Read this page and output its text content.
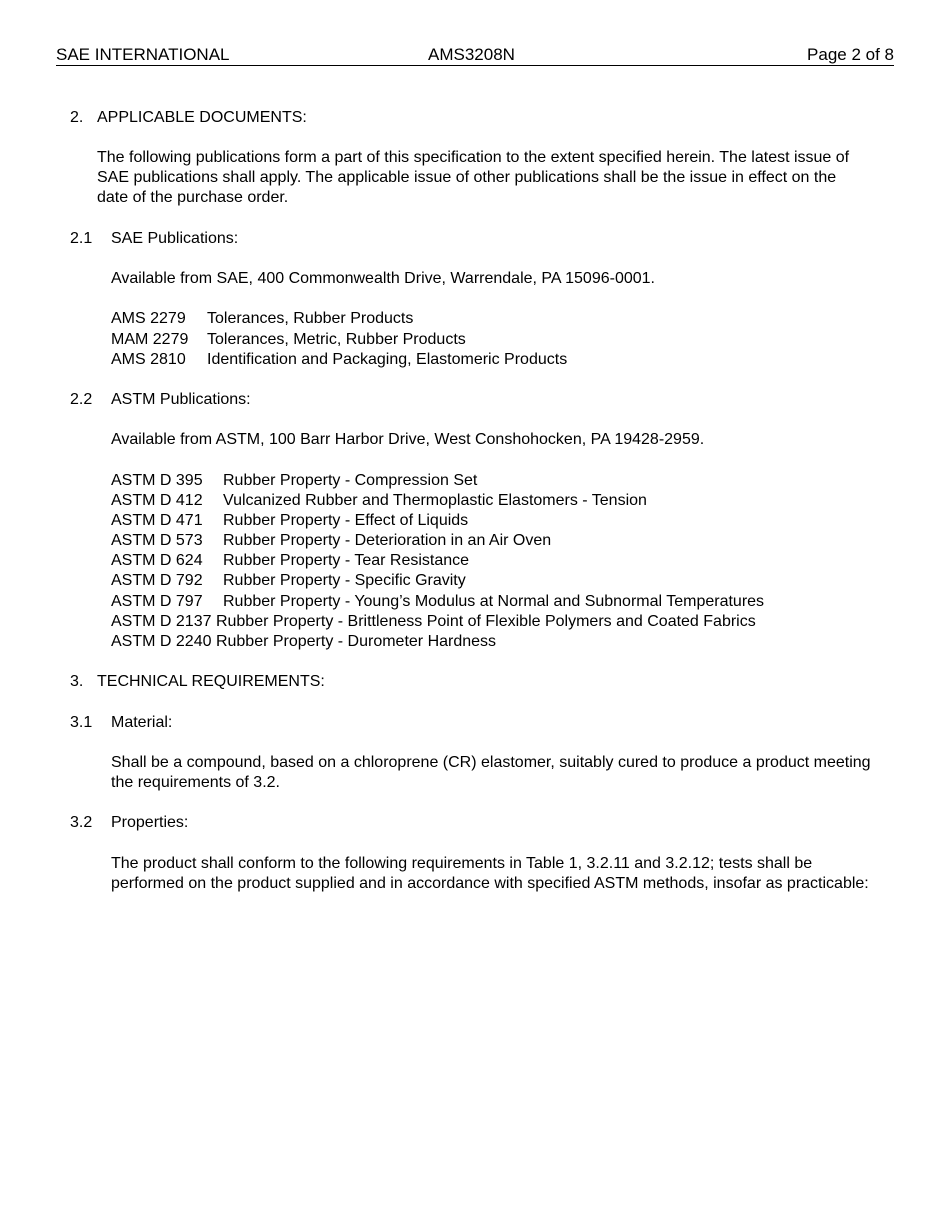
SAE INTERNATIONAL	AMS3208N	Page 2 of 8
2. APPLICABLE DOCUMENTS:
The following publications form a part of this specification to the extent specified herein. The latest issue of SAE publications shall apply. The applicable issue of other publications shall be the issue in effect on the date of the purchase order.
2.1 SAE Publications:
Available from SAE, 400 Commonwealth Drive, Warrendale, PA 15096-0001.
AMS 2279 Tolerances, Rubber Products
MAM 2279 Tolerances, Metric, Rubber Products
AMS 2810 Identification and Packaging, Elastomeric Products
2.2 ASTM Publications:
Available from ASTM, 100 Barr Harbor Drive, West Conshohocken, PA 19428-2959.
ASTM D 395 Rubber Property - Compression Set
ASTM D 412 Vulcanized Rubber and Thermoplastic Elastomers - Tension
ASTM D 471 Rubber Property - Effect of Liquids
ASTM D 573 Rubber Property - Deterioration in an Air Oven
ASTM D 624 Rubber Property - Tear Resistance
ASTM D 792 Rubber Property - Specific Gravity
ASTM D 797 Rubber Property - Young’s Modulus at Normal and Subnormal Temperatures
ASTM D 2137 Rubber Property - Brittleness Point of Flexible Polymers and Coated Fabrics
ASTM D 2240 Rubber Property - Durometer Hardness
3. TECHNICAL REQUIREMENTS:
3.1 Material:
Shall be a compound, based on a chloroprene (CR) elastomer, suitably cured to produce a product meeting the requirements of 3.2.
3.2 Properties:
The product shall conform to the following requirements in Table 1, 3.2.11 and 3.2.12; tests shall be performed on the product supplied and in accordance with specified ASTM methods, insofar as practicable:
